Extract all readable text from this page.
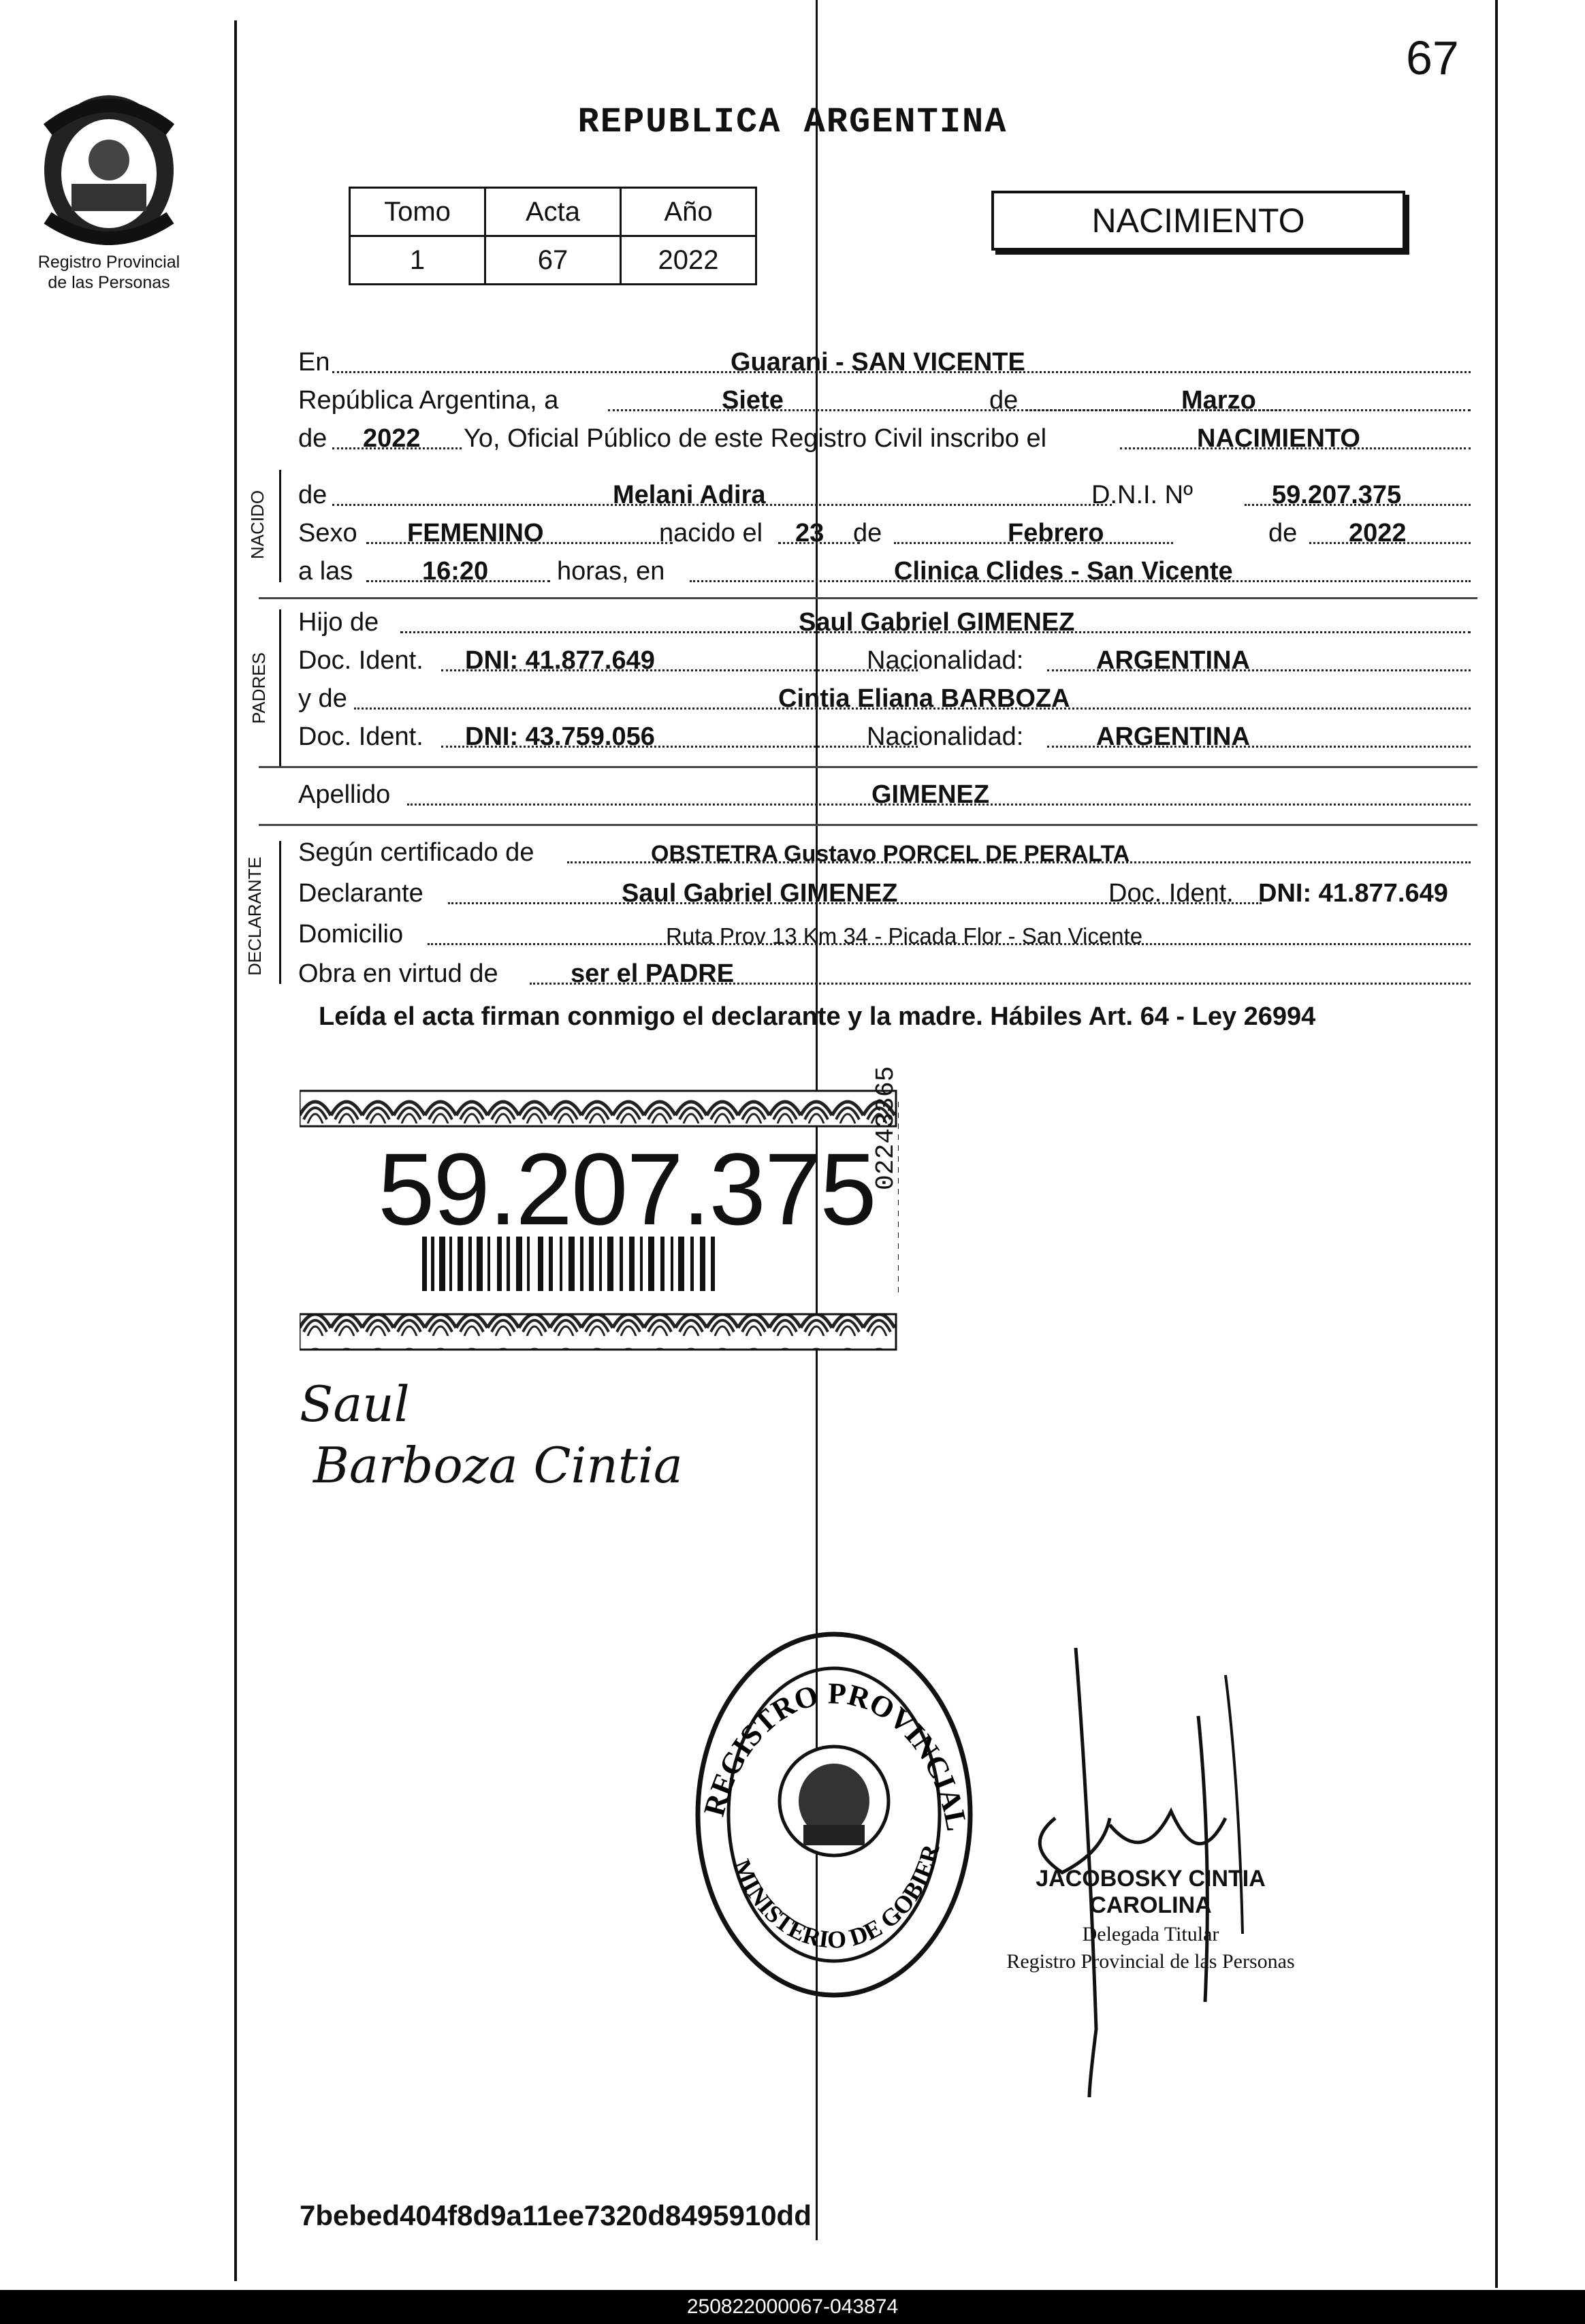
67
Registro Provincial
de las Personas
REPUBLICA ARGENTINA
Tomo	Acta	Año
1	67	2022
NACIMIENTO
En	Guarani - SAN VICENTE
República Argentina, a	Siete	de	Marzo
de 2022 Yo, Oficial Público de este Registro Civil inscribo el	NACIMIENTO
NACIDO de	Melani Adira	D.N.I. Nº	59.207.375
Sexo FEMENINO	nacido el 23 de	Febrero	de 2022
a las	16:20	horas, en	Clinica Clides - San Vicente
PADRES
Hijo de	Saul Gabriel GIMENEZ
Doc. Ident. DNI: 41.877.649	Nacionalidad:	ARGENTINA
y de	Cintia Eliana BARBOZA
Doc. Ident. DNI: 43.759.056	Nacionalidad:	ARGENTINA
Apellido	GIMENEZ
DECLARANTE
Según certificado de	OBSTETRA Gustavo PORCEL DE PERALTA
Declarante	Saul Gabriel GIMENEZ	Doc. Ident. DNI: 41.877.649
Domicilio	Ruta Prov 13 Km 34 - Picada Flor - San Vicente
Obra en virtud de	ser el PADRE
Leída el acta firman conmigo el declarante y la madre. Hábiles Art. 64 - Ley 26994
59.207.375
02243365
Saul
Barboza Cintia
REGISTRO PROVINCIAL
MINISTERIO DE GOBIER
JACOBOSKY CINTIA CAROLINA
Delegada Titular
Registro Provincial de las Personas
7bebed404f8d9a11ee7320d8495910dd
250822000067-043874
